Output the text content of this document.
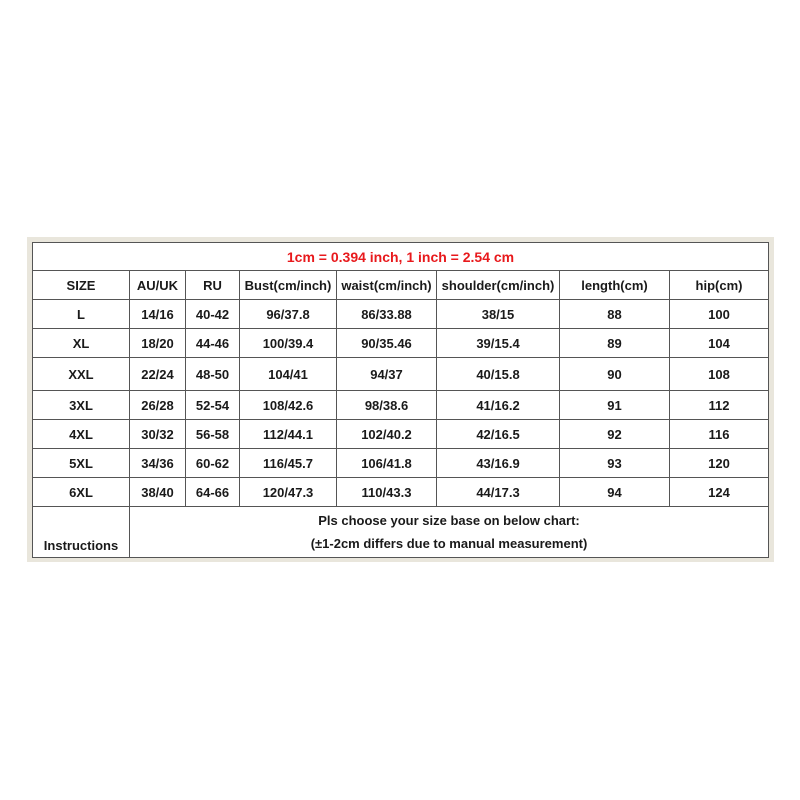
1cm = 0.394 inch, 1 inch = 2.54 cm							
SIZE	AU/UK	RU	Bust(cm/inch)	waist(cm/inch)	shoulder(cm/inch)	length(cm)	hip(cm)
L	14/16	40-42	96/37.8	86/33.88	38/15	88	100
XL	18/20	44-46	100/39.4	90/35.46	39/15.4	89	104
XXL	22/24	48-50	104/41	94/37	40/15.8	90	108
3XL	26/28	52-54	108/42.6	98/38.6	41/16.2	91	112
4XL	30/32	56-58	112/44.1	102/40.2	42/16.5	92	116
5XL	34/36	60-62	116/45.7	106/41.8	43/16.9	93	120
6XL	38/40	64-66	120/47.3	110/43.3	44/17.3	94	124
Instructions	Pls choose your size base on below chart:
(±1-2cm differs due to manual measurement)						
